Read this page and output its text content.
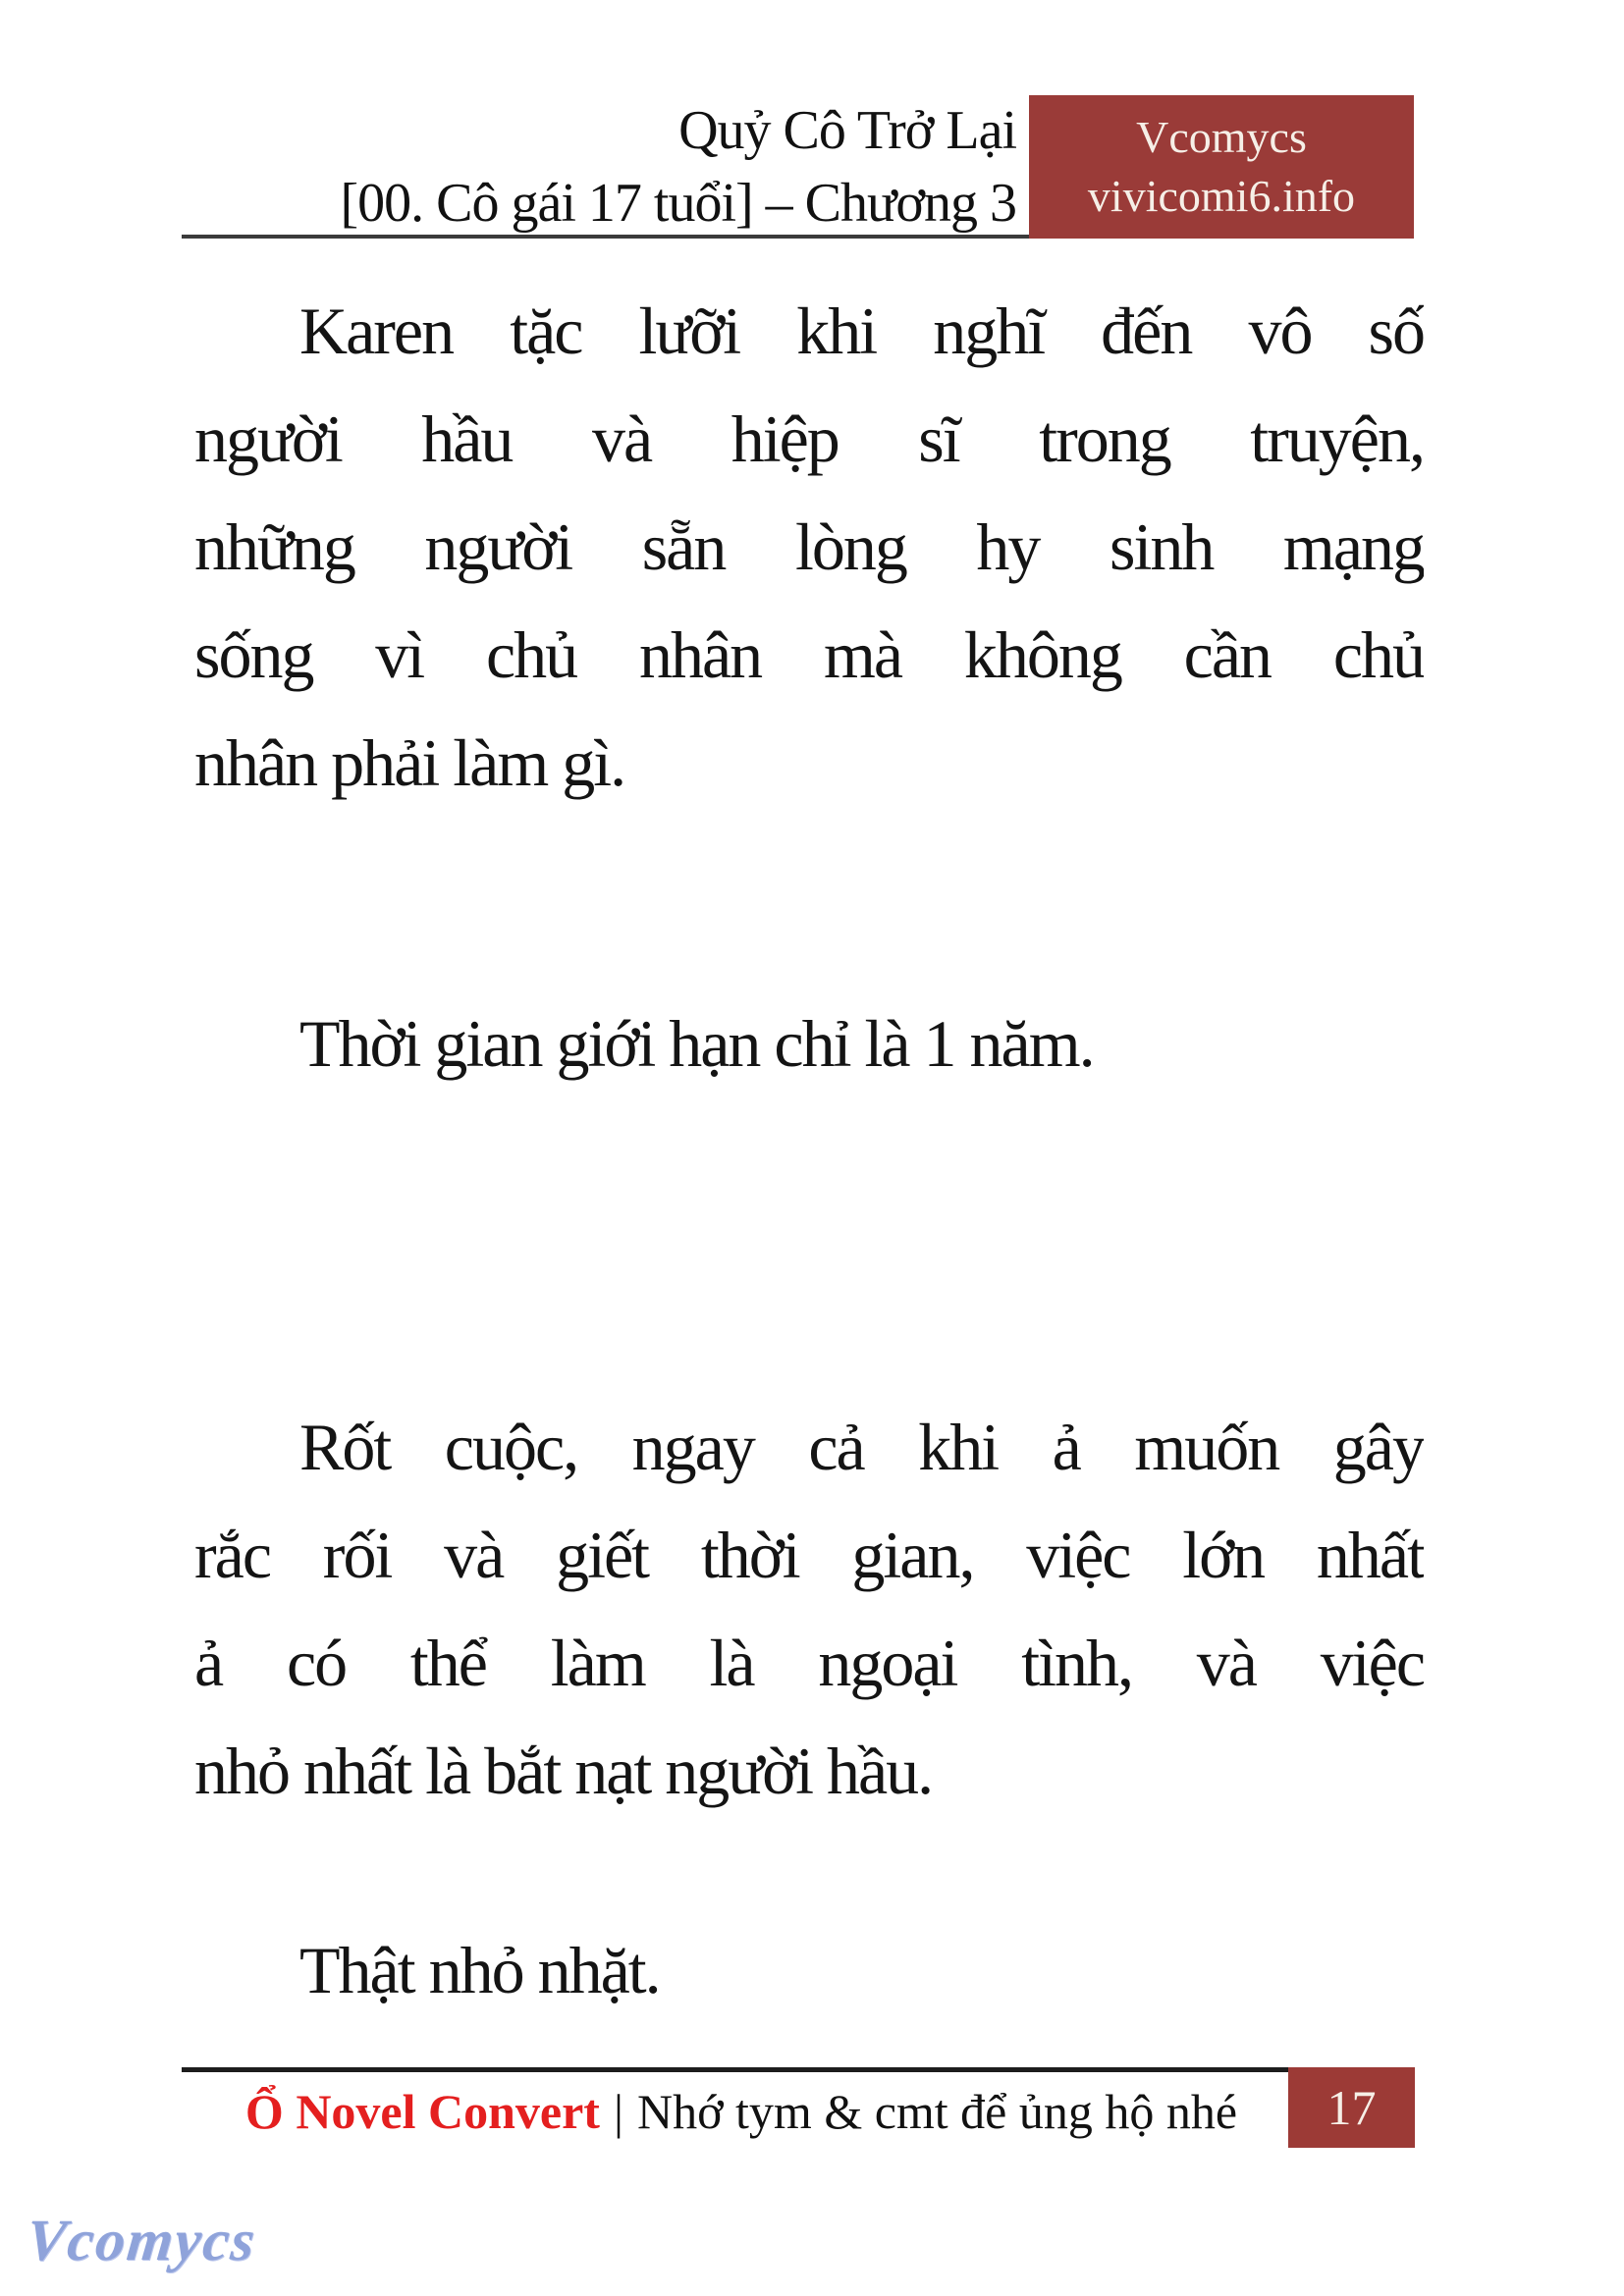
Quỷ Cô Trở Lại
[00. Cô gái 17 tuổi] – Chương 3
Vcomycs
vivicomi6.info
Karen tặc lưỡi khi nghĩ đến vô số
người hầu và hiệp sĩ trong truyện,
những người sẵn lòng hy sinh mạng
sống vì chủ nhân mà không cần chủ
nhân phải làm gì.
Thời gian giới hạn chỉ là 1 năm.
Rốt cuộc, ngay cả khi ả muốn gây
rắc rối và giết thời gian, việc lớn nhất
ả có thể làm là ngoại tình, và việc
nhỏ nhất là bắt nạt người hầu.
Thật nhỏ nhặt.
Ổ Novel Convert | Nhớ tym & cmt để ủng hộ nhé	17
Vcomycs
